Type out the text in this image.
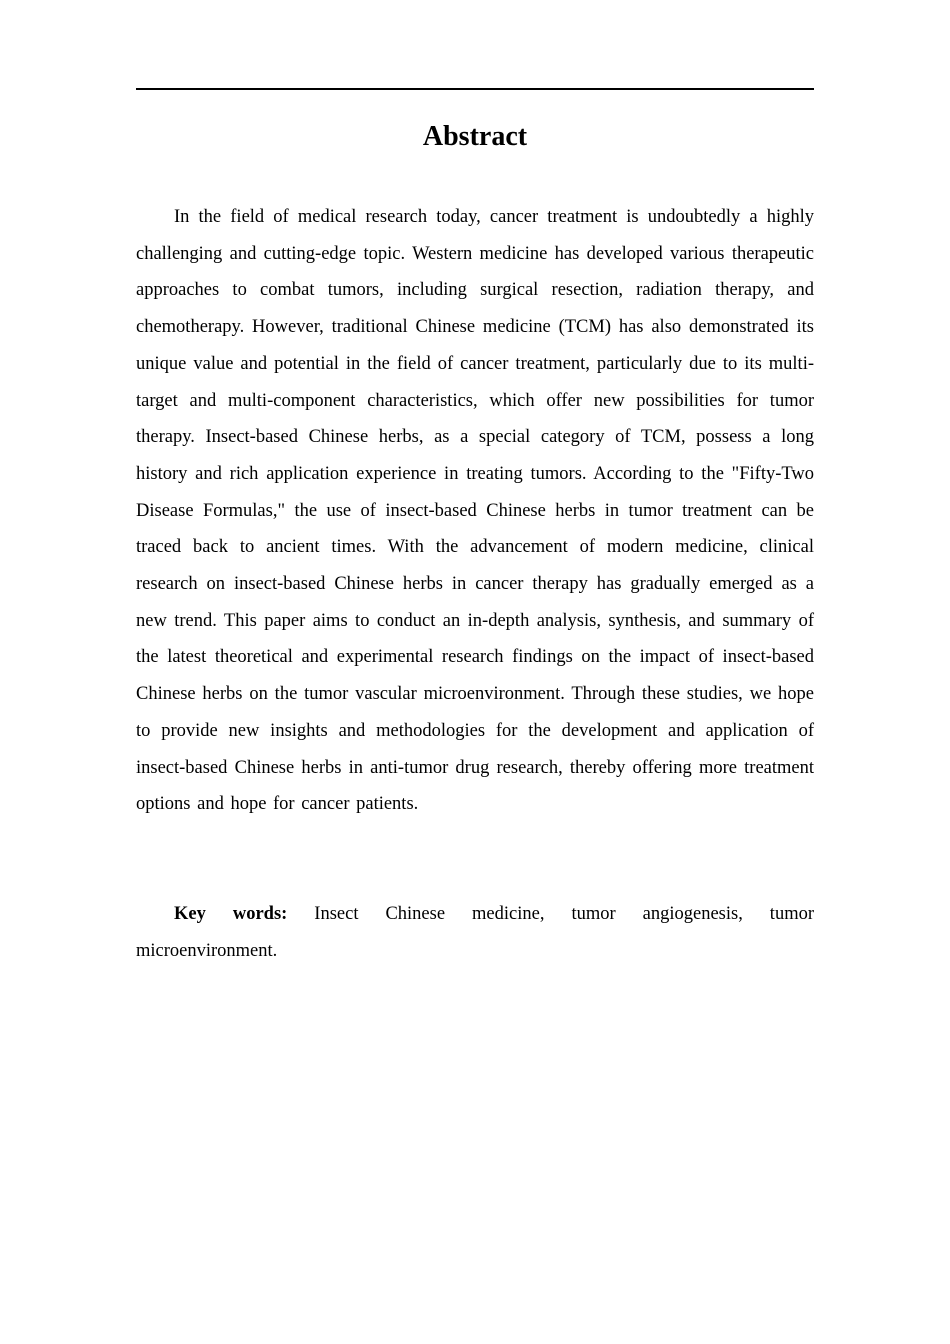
Abstract

In the field of medical research today, cancer treatment is undoubtedly a highly challenging and cutting-edge topic. Western medicine has developed various therapeutic approaches to combat tumors, including surgical resection, radiation therapy, and chemotherapy. However, traditional Chinese medicine (TCM) has also demonstrated its unique value and potential in the field of cancer treatment, particularly due to its multi-target and multi-component characteristics, which offer new possibilities for tumor therapy. Insect-based Chinese herbs, as a special category of TCM, possess a long history and rich application experience in treating tumors. According to the "Fifty-Two Disease Formulas," the use of insect-based Chinese herbs in tumor treatment can be traced back to ancient times. With the advancement of modern medicine, clinical research on insect-based Chinese herbs in cancer therapy has gradually emerged as a new trend. This paper aims to conduct an in-depth analysis, synthesis, and summary of the latest theoretical and experimental research findings on the impact of insect-based Chinese herbs on the tumor vascular microenvironment. Through these studies, we hope to provide new insights and methodologies for the development and application of insect-based Chinese herbs in anti-tumor drug research, thereby offering more treatment options and hope for cancer patients.

Key words: Insect Chinese medicine, tumor angiogenesis, tumor microenvironment.
